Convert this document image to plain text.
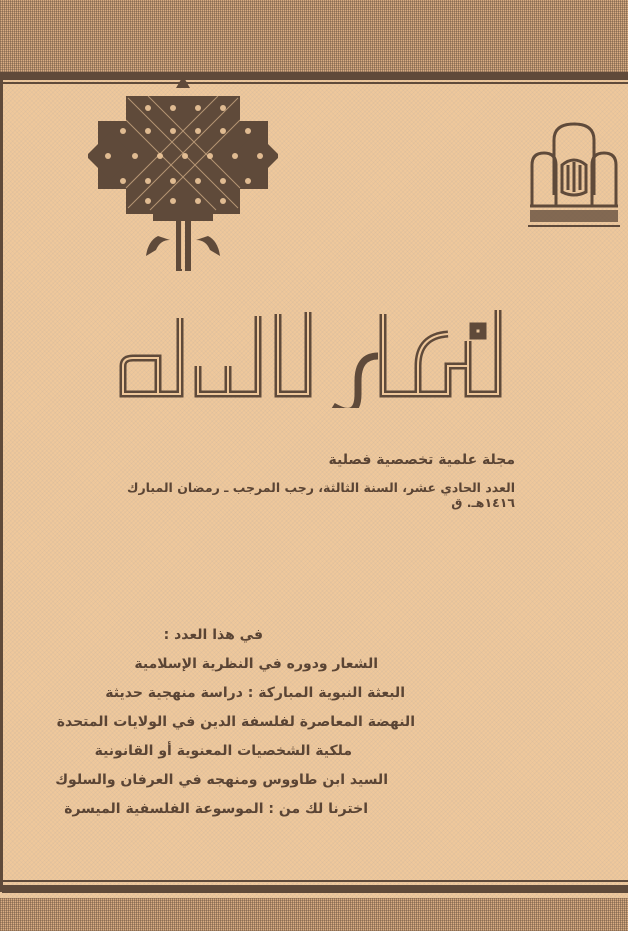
الفكر الإسلامي
مجلة علمية تخصصية فصلية
العدد الحادي عشر، السنة الثالثة، رجب المرجب ـ رمضان المبارك ١٤١٦هـ. ق
في هذا العدد :
الشعار ودوره في النظرية الإسلامية
البعثة النبوية المباركة : دراسة منهجية حديثة
النهضة المعاصرة لفلسفة الدين في الولايات المتحدة
ملكية الشخصيات المعنوية أو القانونية
السيد ابن طاووس ومنهجه في العرفان والسلوك
اخترنا لك من : الموسوعة الفلسفية الميسرة
